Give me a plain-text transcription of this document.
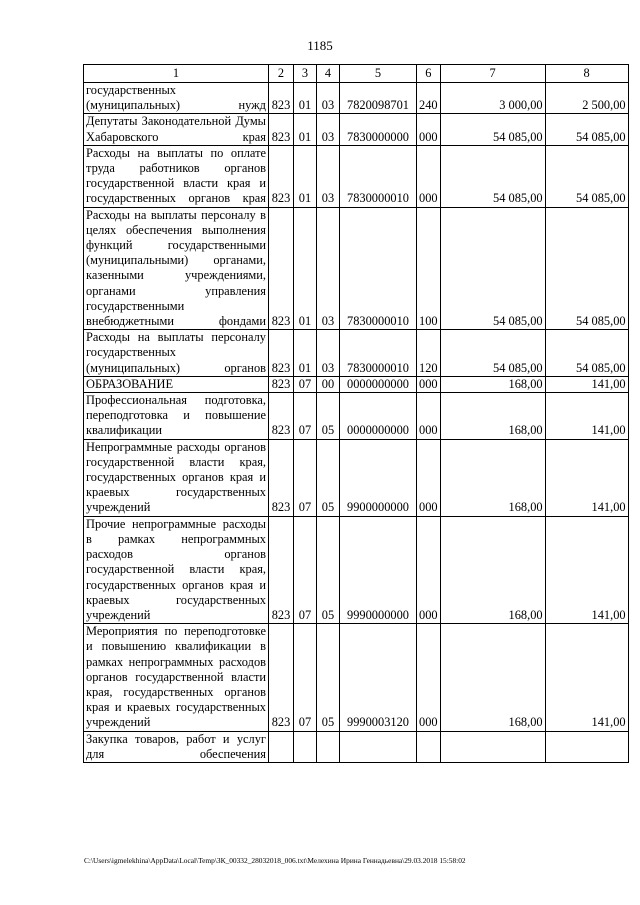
1185
1	2	3	4	5	6	7	8
государственных (муниципальных) нужд	823	01	03	7820098701	240	3 000,00	2 500,00
Депутаты Законодательной Думы Хабаровского края	823	01	03	7830000000	000	54 085,00	54 085,00
Расходы на выплаты по оплате труда работников органов государственной власти края и государственных органов края	823	01	03	7830000010	000	54 085,00	54 085,00
Расходы на выплаты персоналу в целях обеспечения выполнения функций государственными (муниципальными) органами, казенными учреждениями, органами управления государственными внебюджетными фондами	823	01	03	7830000010	100	54 085,00	54 085,00
Расходы на выплаты персоналу государственных (муниципальных) органов	823	01	03	7830000010	120	54 085,00	54 085,00
ОБРАЗОВАНИЕ	823	07	00	0000000000	000	168,00	141,00
Профессиональная подготовка, переподготовка и повышение квалификации	823	07	05	0000000000	000	168,00	141,00
Непрограммные расходы органов государственной власти края, государственных органов края и краевых государственных учреждений	823	07	05	9900000000	000	168,00	141,00
Прочие непрограммные расходы в рамках непрограммных расходов органов государственной власти края, государственных органов края и краевых государственных учреждений	823	07	05	9990000000	000	168,00	141,00
Мероприятия по переподготовке и повышению квалификации в рамках непрограммных расходов органов государственной власти края, государственных органов края и краевых государственных учреждений	823	07	05	9990003120	000	168,00	141,00
Закупка товаров, работ и услуг для обеспечения							
C:\Users\igmelekhina\AppData\Local\Temp\ЗК_00332_28032018_006.txt\Мелехина Ирина Геннадьевна\29.03.2018 15:58:02
